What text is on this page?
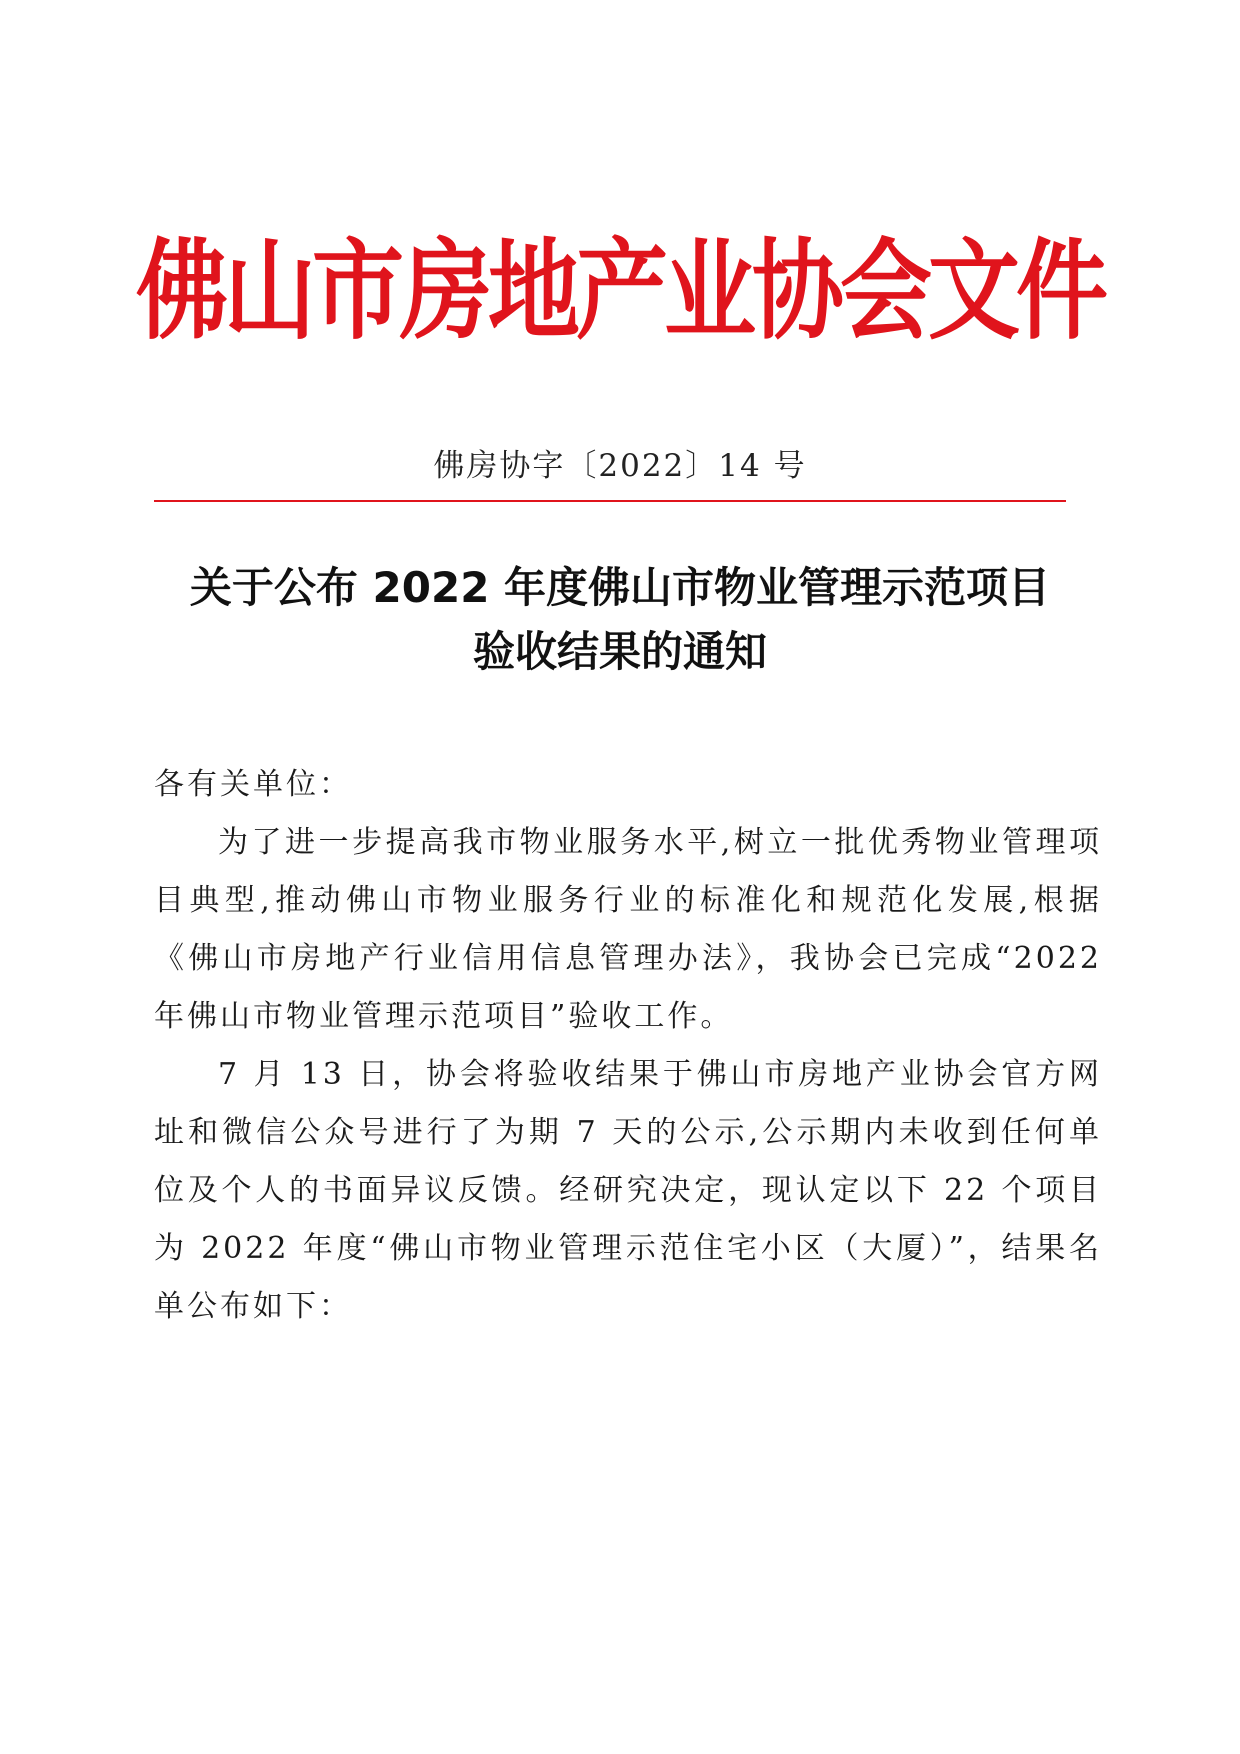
佛山市房地产业协会文件
佛房协字〔2022〕14 号
关于公布 2022 年度佛山市物业管理示范项目
验收结果的通知

各有关单位：

为了进一步提高我市物业服务水平,树立一批优秀物业管理项目典型,推动佛山市物业服务行业的标准化和规范化发展,根据《佛山市房地产行业信用信息管理办法》，我协会已完成“2022 年佛山市物业管理示范项目”验收工作。

7 月 13 日，协会将验收结果于佛山市房地产业协会官方网址和微信公众号进行了为期 7 天的公示,公示期内未收到任何单位及个人的书面异议反馈。经研究决定，现认定以下 22 个项目为 2022 年度“佛山市物业管理示范住宅小区（大厦）”，结果名单公布如下：
